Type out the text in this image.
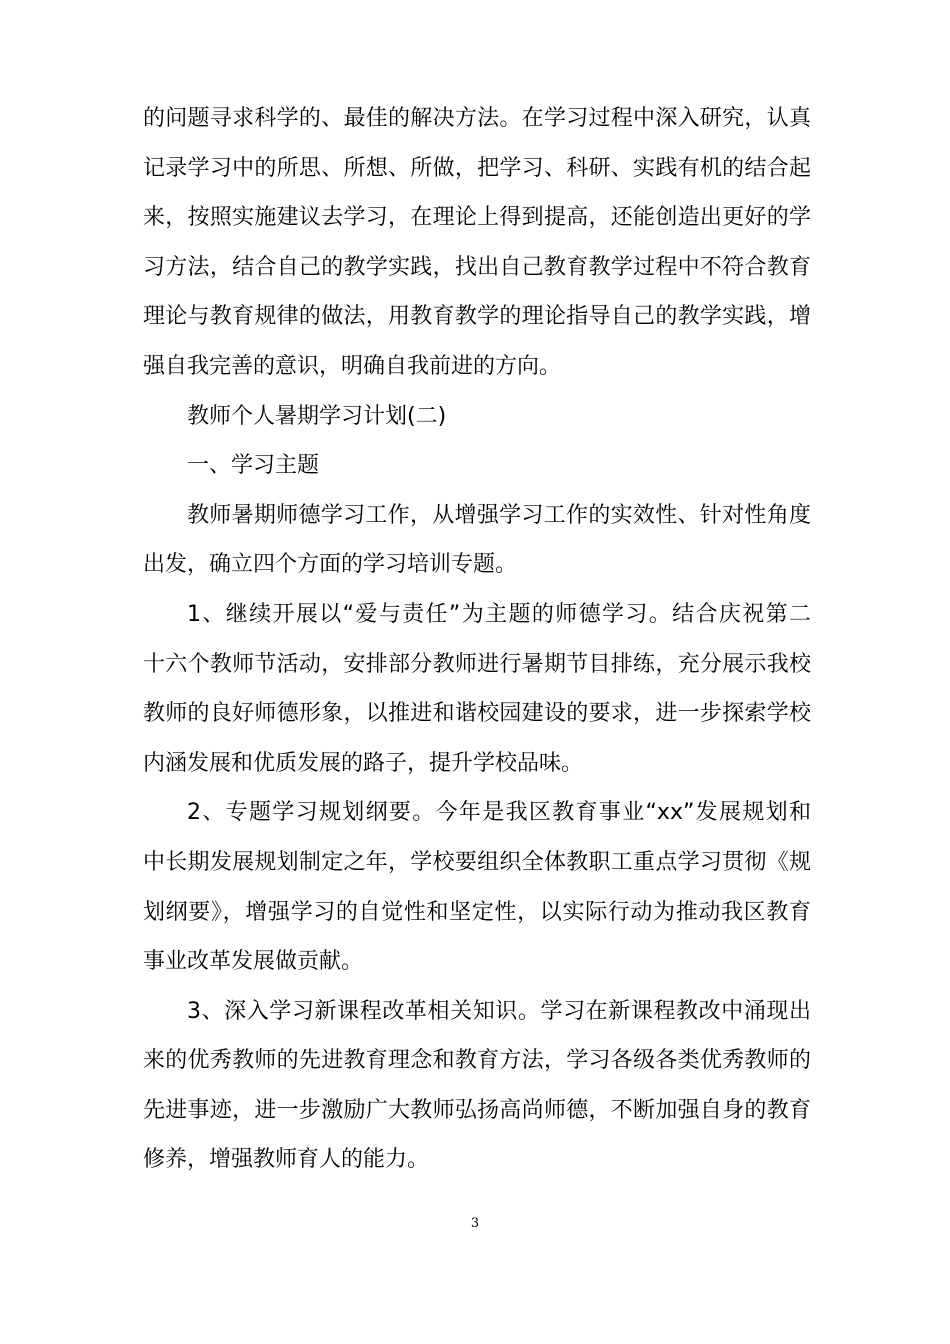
的问题寻求科学的、最佳的解决方法。在学习过程中深入研究，认真
记录学习中的所思、所想、所做，把学习、科研、实践有机的结合起
来，按照实施建议去学习，在理论上得到提高，还能创造出更好的学
习方法，结合自己的教学实践，找出自己教育教学过程中不符合教育
理论与教育规律的做法，用教育教学的理论指导自己的教学实践，增
强自我完善的意识，明确自我前进的方向。
教师个人暑期学习计划(二)
一、学习主题
教师暑期师德学习工作，从增强学习工作的实效性、针对性角度
出发，确立四个方面的学习培训专题。
1、继续开展以“爱与责任”为主题的师德学习。结合庆祝第二
十六个教师节活动，安排部分教师进行暑期节目排练，充分展示我校
教师的良好师德形象，以推进和谐校园建设的要求，进一步探索学校
内涵发展和优质发展的路子，提升学校品味。
2、专题学习规划纲要。今年是我区教育事业“xx”发展规划和
中长期发展规划制定之年，学校要组织全体教职工重点学习贯彻《规
划纲要》，增强学习的自觉性和坚定性，以实际行动为推动我区教育
事业改革发展做贡献。
3、深入学习新课程改革相关知识。学习在新课程教改中涌现出
来的优秀教师的先进教育理念和教育方法，学习各级各类优秀教师的
先进事迹，进一步激励广大教师弘扬高尚师德，不断加强自身的教育
修养，增强教师育人的能力。
3
